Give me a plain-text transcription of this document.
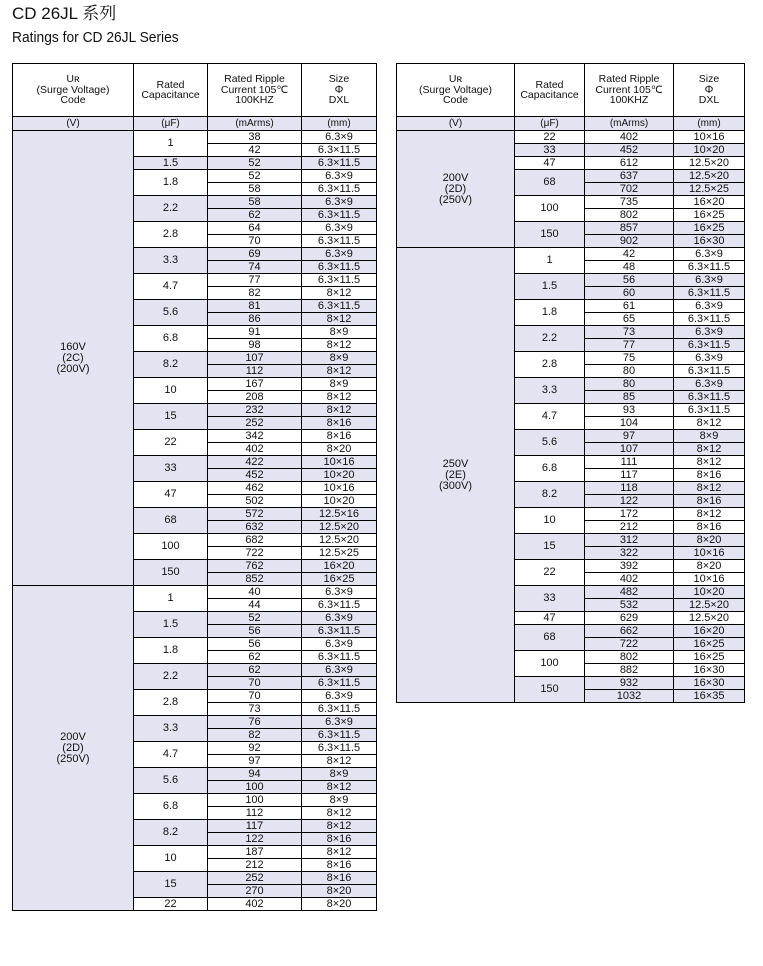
CD 26JL 系列
Ratings for CD 26JL Series
Uʀ
(Surge Voltage)
Code	Rated
Capacitance	Rated Ripple
Current 105℃
100KHZ	Size
Φ
DXL
(V)	(μF)	(mArms)	(mm)
160V
(2C)
(200V)	1	38	6.3×9
		42	6.3×11.5
	1.5	52	6.3×11.5
	1.8	52	6.3×9
		58	6.3×11.5
	2.2	58	6.3×9
		62	6.3×11.5
	2.8	64	6.3×9
		70	6.3×11.5
	3.3	69	6.3×9
		74	6.3×11.5
	4.7	77	6.3×11.5
		82	8×12
	5.6	81	6.3×11.5
		86	8×12
	6.8	91	8×9
		98	8×12
	8.2	107	8×9
		112	8×12
	10	167	8×9
		208	8×12
	15	232	8×12
		252	8×16
	22	342	8×16
		402	8×20
	33	422	10×16
		452	10×20
	47	462	10×16
		502	10×20
	68	572	12.5×16
		632	12.5×20
	100	682	12.5×20
		722	12.5×25
	150	762	16×20
		852	16×25
200V
(2D)
(250V)	1	40	6.3×9
		44	6.3×11.5
	1.5	52	6.3×9
		56	6.3×11.5
	1.8	56	6.3×9
		62	6.3×11.5
	2.2	62	6.3×9
		70	6.3×11.5
	2.8	70	6.3×9
		73	6.3×11.5
	3.3	76	6.3×9
		82	6.3×11.5
	4.7	92	6.3×11.5
		97	8×12
	5.6	94	8×9
		100	8×12
	6.8	100	8×9
		112	8×12
	8.2	117	8×12
		122	8×16
	10	187	8×12
		212	8×16
	15	252	8×16
		270	8×20
	22	402	8×20
Uʀ
(Surge Voltage)
Code	Rated
Capacitance	Rated Ripple
Current 105℃
100KHZ	Size
Φ
DXL
(V)	(μF)	(mArms)	(mm)
200V
(2D)
(250V)	22	402	10×16
	33	452	10×20
	47	612	12.5×20
	68	637	12.5×20
		702	12.5×25
	100	735	16×20
		802	16×25
	150	857	16×25
		902	16×30
250V
(2E)
(300V)	1	42	6.3×9
		48	6.3×11.5
	1.5	56	6.3×9
		60	6.3×11.5
	1.8	61	6.3×9
		65	6.3×11.5
	2.2	73	6.3×9
		77	6.3×11.5
	2.8	75	6.3×9
		80	6.3×11.5
	3.3	80	6.3×9
		85	6.3×11.5
	4.7	93	6.3×11.5
		104	8×12
	5.6	97	8×9
		107	8×12
	6.8	111	8×12
		117	8×16
	8.2	118	8×12
		122	8×16
	10	172	8×12
		212	8×16
	15	312	8×20
		322	10×16
	22	392	8×20
		402	10×16
	33	482	10×20
		532	12.5×20
	47	629	12.5×20
	68	662	16×20
		722	16×25
	100	802	16×25
		882	16×30
	150	932	16×30
		1032	16×35
